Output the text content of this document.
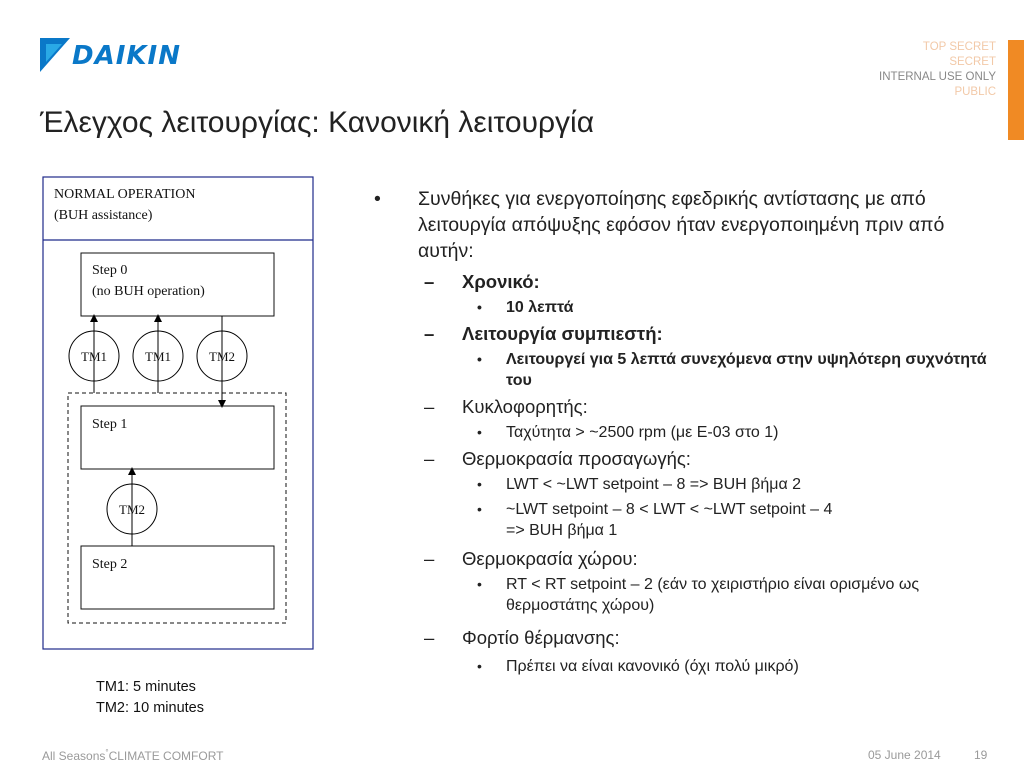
DAIKIN	TOP SECRET
SECRET
INTERNAL USE ONLY
PUBLIC
Έλεγχος λειτουργίας: Κανονική λειτουργία
NORMAL OPERATION
(BUH assistance)
Step 0
(no BUH operation)
Step 1
Step 2
TM1	TM1	TM2
TM2
TM1: 5 minutes
TM2: 10 minutes
• Συνθήκες για ενεργοποίησης εφεδρικής αντίστασης με από λειτουργία απόψυξης εφόσον ήταν ενεργοποιημένη πριν από αυτήν:
– Χρονικό:
• 10 λεπτά
– Λειτουργία συμπιεστή:
• Λειτουργεί για 5 λεπτά συνεχόμενα στην υψηλότερη συχνότητά του
– Κυκλοφορητής:
• Ταχύτητα > ~2500 rpm (με E-03 στο 1)
– Θερμοκρασία προσαγωγής:
• LWT < ~LWT setpoint – 8 => BUH βήμα 2
• ~LWT setpoint – 8 < LWT < ~LWT setpoint – 4
=> BUH βήμα 1
– Θερμοκρασία χώρου:
• RT < RT setpoint – 2 (εάν το χειριστήριο είναι ορισμένο ως θερμοστάτης χώρου)
– Φορτίο θέρμανσης:
• Πρέπει να είναι κανονικό (όχι πολύ μικρό)
All Seasons°CLIMATE COMFORT	05 June 2014	19
